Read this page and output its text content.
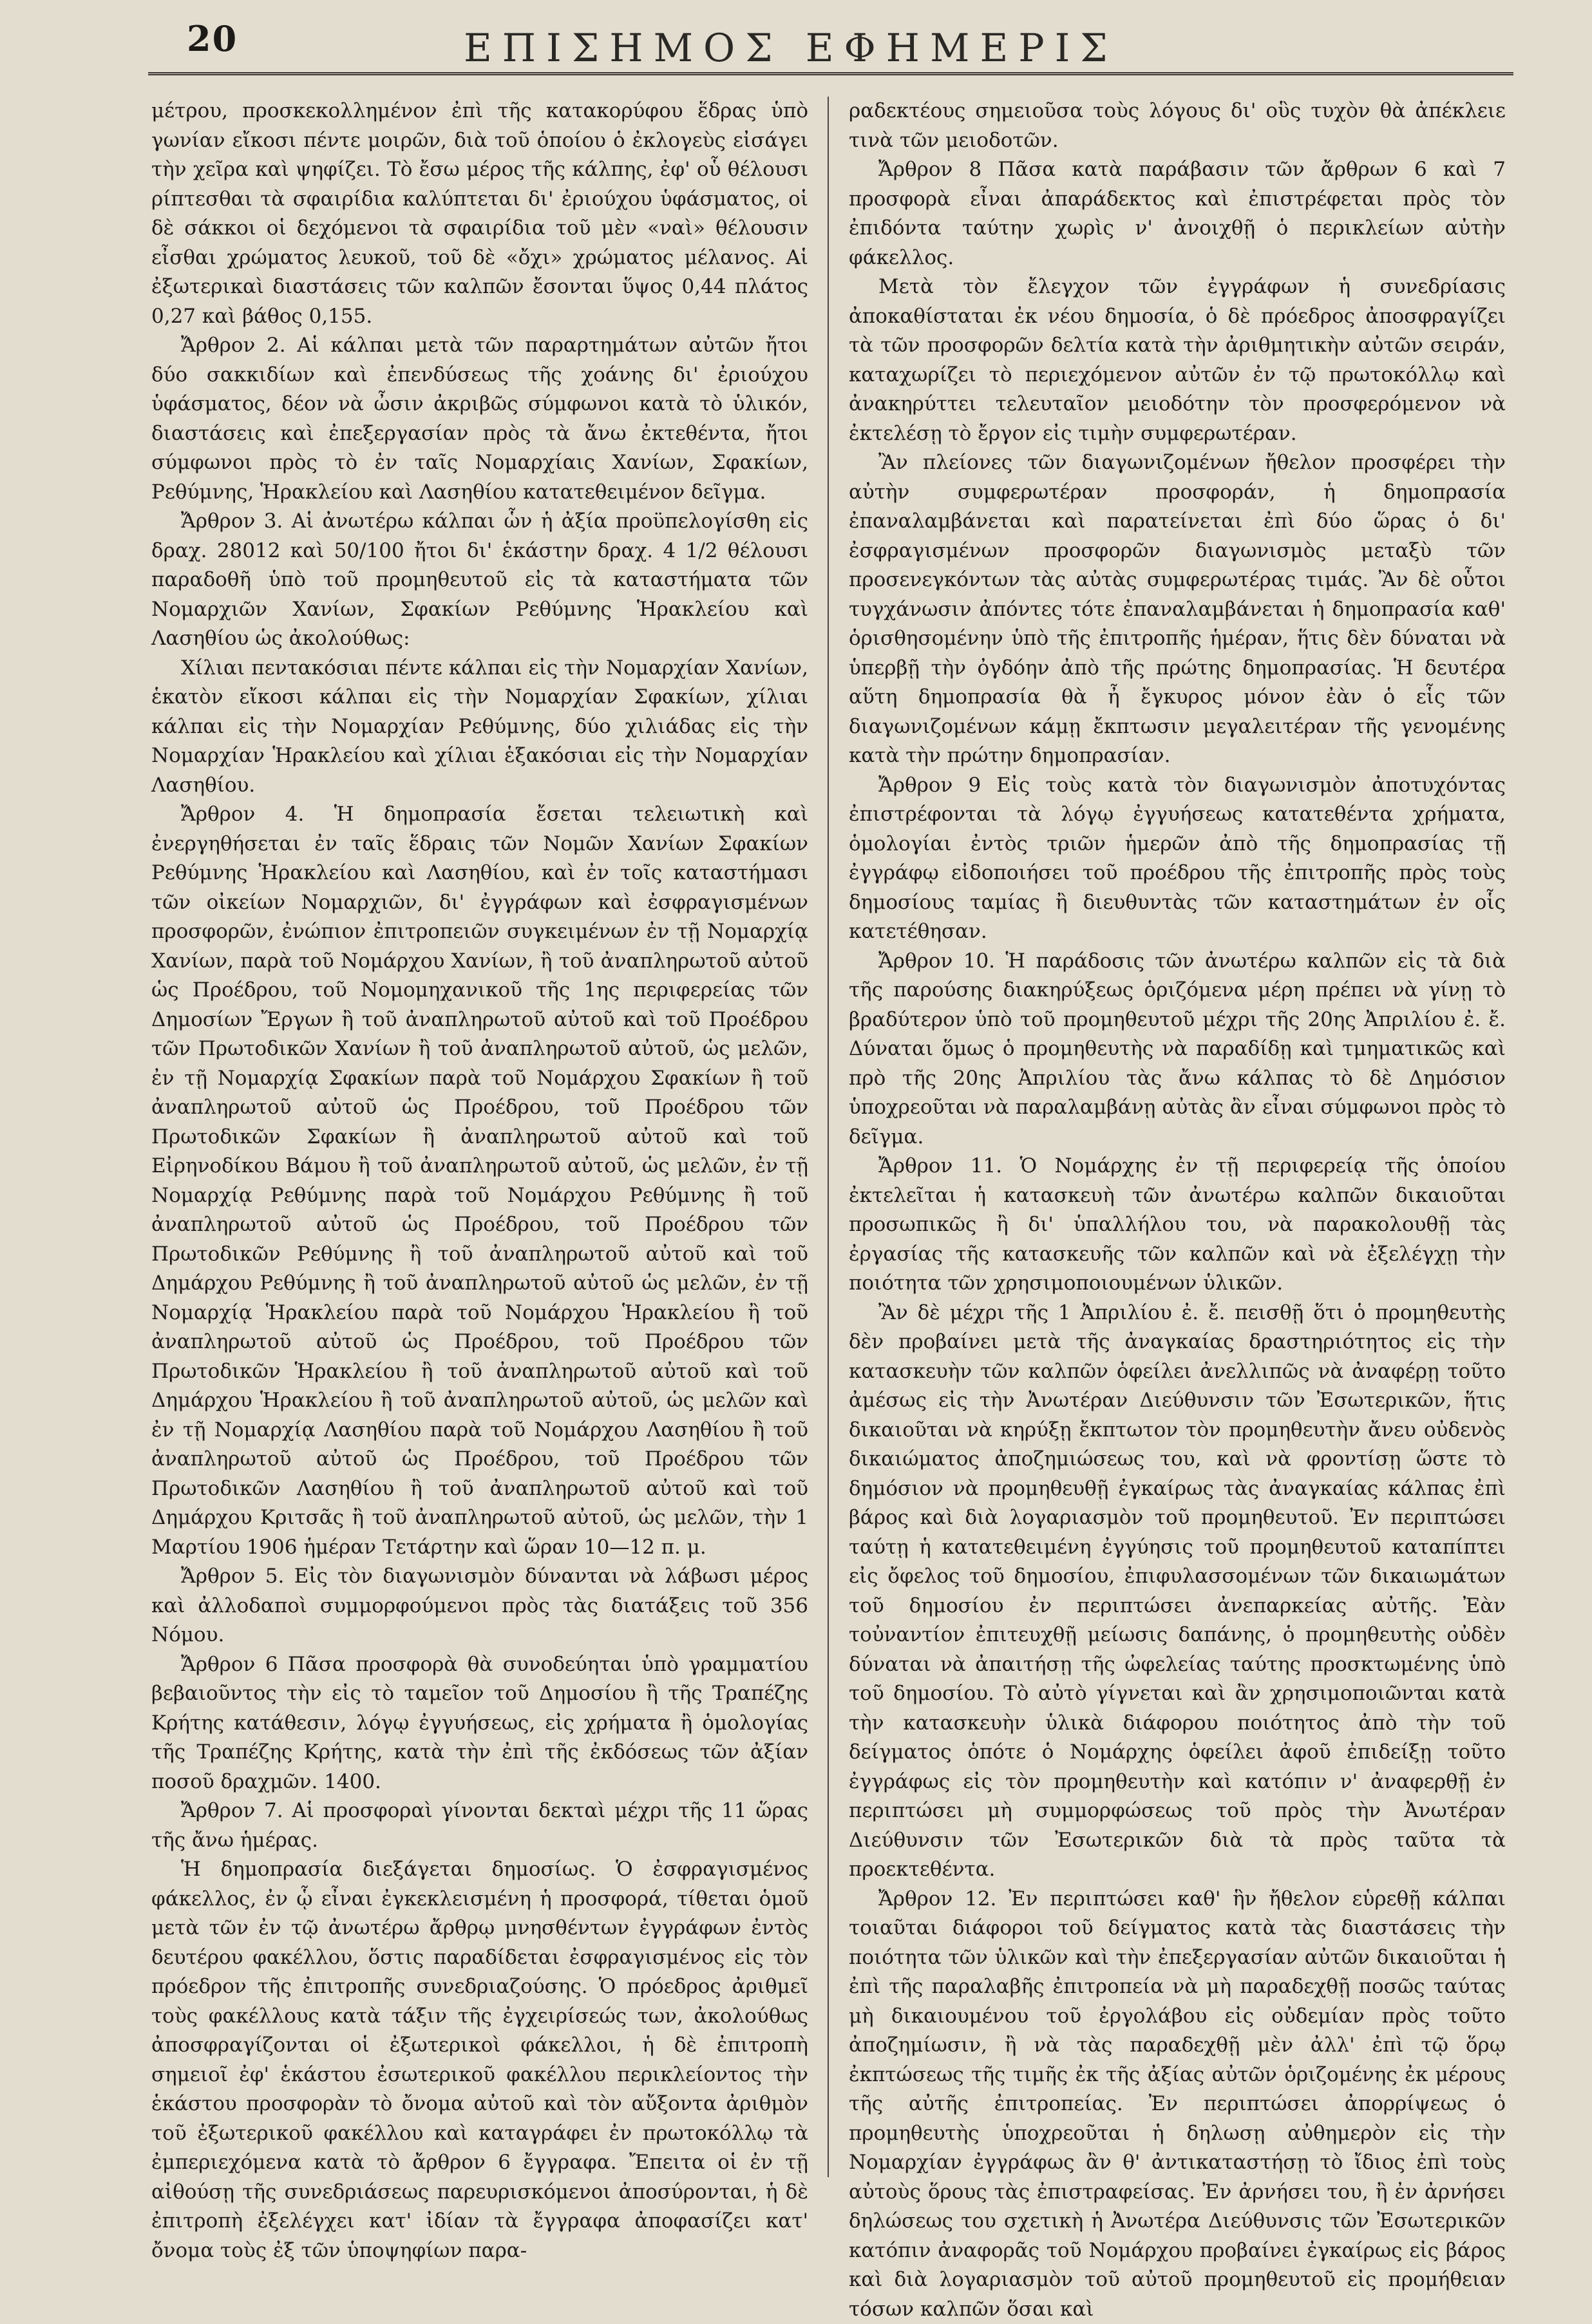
20	ΕΠΙΣΗΜΟΣ ΕΦΗΜΕΡΙΣ

μέτρου, προσκεκολλημένον ἐπὶ τῆς κατακορύφου ἕδρας ὑπὸ γωνίαν εἴκοσι πέντε μοιρῶν, διὰ τοῦ ὁποίου ὁ ἐκλογεὺς εἰσάγει τὴν χεῖρα καὶ ψηφίζει. Τὸ ἔσω μέρος τῆς κάλπης, ἐφ' οὗ θέλουσι ρίπτεσθαι τὰ σφαιρίδια καλύπτεται δι' ἐριούχου ὑφάσματος, οἱ δὲ σάκκοι οἱ δεχόμενοι τὰ σφαιρίδια τοῦ μὲν «ναὶ» θέλουσιν εἶσθαι χρώματος λευκοῦ, τοῦ δὲ «ὄχι» χρώματος μέλανος. Αἱ ἐξωτερικαὶ διαστάσεις τῶν καλπῶν ἔσονται ὕψος 0,44 πλάτος 0,27 καὶ βάθος 0,155.

Ἄρθρον 2. Αἱ κάλπαι μετὰ τῶν παραρτημάτων αὐτῶν ἤτοι δύο σακκιδίων καὶ ἐπενδύσεως τῆς χοάνης δι' ἐριούχου ὑφάσματος, δέον νὰ ὦσιν ἀκριβῶς σύμφωνοι κατὰ τὸ ὑλικόν, διαστάσεις καὶ ἐπεξεργασίαν πρὸς τὰ ἄνω ἐκτεθέντα, ἤτοι σύμφωνοι πρὸς τὸ ἐν ταῖς Νομαρχίαις Χανίων, Σφακίων, Ρεθύμνης, Ἡρακλείου καὶ Λασηθίου κατατεθειμένον δεῖγμα.

Ἄρθρον 3. Αἱ ἀνωτέρω κάλπαι ὧν ἡ ἀξία προϋπελογίσθη εἰς δραχ. 28012 καὶ 50/100 ἤτοι δι' ἑκάστην δραχ. 4 1/2 θέλουσι παραδοθῆ ὑπὸ τοῦ προμηθευτοῦ εἰς τὰ καταστήματα τῶν Νομαρχιῶν Χανίων, Σφακίων Ρεθύμνης Ἡρακλείου καὶ Λασηθίου ὡς ἀκολούθως:

Χίλιαι πεντακόσιαι πέντε κάλπαι εἰς τὴν Νομαρχίαν Χανίων, ἑκατὸν εἴκοσι κάλπαι εἰς τὴν Νομαρχίαν Σφακίων, χίλιαι κάλπαι εἰς τὴν Νομαρχίαν Ρεθύμνης, δύο χιλιάδας εἰς τὴν Νομαρχίαν Ἡρακλείου καὶ χίλιαι ἑξακόσιαι εἰς τὴν Νομαρχίαν Λασηθίου.

Ἄρθρον 4. Ἡ δημοπρασία ἔσεται τελειωτικὴ καὶ ἐνεργηθήσεται ἐν ταῖς ἕδραις τῶν Νομῶν Χανίων Σφακίων Ρεθύμνης Ἡρακλείου καὶ Λασηθίου, καὶ ἐν τοῖς καταστήμασι τῶν οἰκείων Νομαρχιῶν, δι' ἐγγράφων καὶ ἐσφραγισμένων προσφορῶν, ἐνώπιον ἐπιτροπειῶν συγκειμένων ἐν τῇ Νομαρχίᾳ Χανίων, παρὰ τοῦ Νομάρχου Χανίων, ἢ τοῦ ἀναπληρωτοῦ αὐτοῦ ὡς Προέδρου, τοῦ Νομομηχανικοῦ τῆς 1ης περιφερείας τῶν Δημοσίων Ἔργων ἢ τοῦ ἀναπληρωτοῦ αὐτοῦ καὶ τοῦ Προέδρου τῶν Πρωτοδικῶν Χανίων ἢ τοῦ ἀναπληρωτοῦ αὐτοῦ, ὡς μελῶν, ἐν τῇ Νομαρχίᾳ Σφακίων παρὰ τοῦ Νομάρχου Σφακίων ἢ τοῦ ἀναπληρωτοῦ αὐτοῦ ὡς Προέδρου, τοῦ Προέδρου τῶν Πρωτοδικῶν Σφακίων ἢ ἀναπληρωτοῦ αὐτοῦ καὶ τοῦ Εἰρηνοδίκου Βάμου ἢ τοῦ ἀναπληρωτοῦ αὐτοῦ, ὡς μελῶν, ἐν τῇ Νομαρχίᾳ Ρεθύμνης παρὰ τοῦ Νομάρχου Ρεθύμνης ἢ τοῦ ἀναπληρωτοῦ αὐτοῦ ὡς Προέδρου, τοῦ Προέδρου τῶν Πρωτοδικῶν Ρεθύμνης ἢ τοῦ ἀναπληρωτοῦ αὐτοῦ καὶ τοῦ Δημάρχου Ρεθύμνης ἢ τοῦ ἀναπληρωτοῦ αὐτοῦ ὡς μελῶν, ἐν τῇ Νομαρχίᾳ Ἡρακλείου παρὰ τοῦ Νομάρχου Ἡρακλείου ἢ τοῦ ἀναπληρωτοῦ αὐτοῦ ὡς Προέδρου, τοῦ Προέδρου τῶν Πρωτοδικῶν Ἡρακλείου ἢ τοῦ ἀναπληρωτοῦ αὐτοῦ καὶ τοῦ Δημάρχου Ἡρακλείου ἢ τοῦ ἀναπληρωτοῦ αὐτοῦ, ὡς μελῶν καὶ ἐν τῇ Νομαρχίᾳ Λασηθίου παρὰ τοῦ Νομάρχου Λασηθίου ἢ τοῦ ἀναπληρωτοῦ αὐτοῦ ὡς Προέδρου, τοῦ Προέδρου τῶν Πρωτοδικῶν Λασηθίου ἢ τοῦ ἀναπληρωτοῦ αὐτοῦ καὶ τοῦ Δημάρχου Κριτσᾶς ἢ τοῦ ἀναπληρωτοῦ αὐτοῦ, ὡς μελῶν, τὴν 1 Μαρτίου 1906 ἡμέραν Τετάρτην καὶ ὥραν 10—12 π. μ.

Ἄρθρον 5. Εἰς τὸν διαγωνισμὸν δύνανται νὰ λάβωσι μέρος καὶ ἀλλοδαποὶ συμμορφούμενοι πρὸς τὰς διατάξεις τοῦ 356 Νόμου.

Ἄρθρον 6 Πᾶσα προσφορὰ θὰ συνοδεύηται ὑπὸ γραμματίου βεβαιοῦντος τὴν εἰς τὸ ταμεῖον τοῦ Δημοσίου ἢ τῆς Τραπέζης Κρήτης κατάθεσιν, λόγῳ ἐγγυήσεως, εἰς χρήματα ἢ ὁμολογίας τῆς Τραπέζης Κρήτης, κατὰ τὴν ἐπὶ τῆς ἐκδόσεως τῶν ἀξίαν ποσοῦ δραχμῶν. 1400.

Ἄρθρον 7. Αἱ προσφοραὶ γίνονται δεκταὶ μέχρι τῆς 11 ὥρας τῆς ἄνω ἡμέρας.

Ἡ δημοπρασία διεξάγεται δημοσίως. Ὁ ἐσφραγισμένος φάκελλος, ἐν ᾧ εἶναι ἐγκεκλεισμένη ἡ προσφορά, τίθεται ὁμοῦ μετὰ τῶν ἐν τῷ ἀνωτέρω ἄρθρῳ μνησθέντων ἐγγράφων ἐντὸς δευτέρου φακέλλου, ὅστις παραδίδεται ἐσφραγισμένος εἰς τὸν πρόεδρον τῆς ἐπιτροπῆς συνεδριαζούσης. Ὁ πρόεδρος ἀριθμεῖ τοὺς φακέλλους κατὰ τάξιν τῆς ἐγχειρίσεώς των, ἀκολούθως ἀποσφραγίζονται οἱ ἐξωτερικοὶ φάκελλοι, ἡ δὲ ἐπιτροπὴ σημειοῖ ἐφ' ἑκάστου ἐσωτερικοῦ φακέλλου περικλείοντος τὴν ἑκάστου προσφορὰν τὸ ὄνομα αὐτοῦ καὶ τὸν αὔξοντα ἀριθμὸν τοῦ ἐξωτερικοῦ φακέλλου καὶ καταγράφει ἐν πρωτοκόλλῳ τὰ ἐμπεριεχόμενα κατὰ τὸ ἄρθρον 6 ἔγγραφα. Ἔπειτα οἱ ἐν τῇ αἰθούσῃ τῆς συνεδριάσεως παρευρισκόμενοι ἀποσύρονται, ἡ δὲ ἐπιτροπὴ ἐξελέγχει κατ' ἰδίαν τὰ ἔγγραφα ἀποφασίζει κατ' ὄνομα τοὺς ἐξ τῶν ὑποψηφίων παρα-

ραδεκτέους σημειοῦσα τοὺς λόγους δι' οὓς τυχὸν θὰ ἀπέκλειε τινὰ τῶν μειοδοτῶν.

Ἄρθρον 8 Πᾶσα κατὰ παράβασιν τῶν ἄρθρων 6 καὶ 7 προσφορὰ εἶναι ἀπαράδεκτος καὶ ἐπιστρέφεται πρὸς τὸν ἐπιδόντα ταύτην χωρὶς ν' ἀνοιχθῇ ὁ περικλείων αὐτὴν φάκελλος.

Μετὰ τὸν ἔλεγχον τῶν ἐγγράφων ἡ συνεδρίασις ἀποκαθίσταται ἐκ νέου δημοσία, ὁ δὲ πρόεδρος ἀποσφραγίζει τὰ τῶν προσφορῶν δελτία κατὰ τὴν ἀριθμητικὴν αὐτῶν σειράν, καταχωρίζει τὸ περιεχόμενον αὐτῶν ἐν τῷ πρωτοκόλλῳ καὶ ἀνακηρύττει τελευταῖον μειοδότην τὸν προσφερόμενον νὰ ἐκτελέσῃ τὸ ἔργον εἰς τιμὴν συμφερωτέραν.

Ἂν πλείονες τῶν διαγωνιζομένων ἤθελον προσφέρει τὴν αὐτὴν συμφερωτέραν προσφοράν, ἡ δημοπρασία ἐπαναλαμβάνεται καὶ παρατείνεται ἐπὶ δύο ὥρας ὁ δι' ἐσφραγισμένων προσφορῶν διαγωνισμὸς μεταξὺ τῶν προσενεγκόντων τὰς αὐτὰς συμφερωτέρας τιμάς. Ἂν δὲ οὗτοι τυγχάνωσιν ἀπόντες τότε ἐπαναλαμβάνεται ἡ δημοπρασία καθ' ὁρισθησομένην ὑπὸ τῆς ἐπιτροπῆς ἡμέραν, ἥτις δὲν δύναται νὰ ὑπερβῇ τὴν ὀγδόην ἀπὸ τῆς πρώτης δημοπρασίας. Ἡ δευτέρα αὕτη δημοπρασία θὰ ἦ ἔγκυρος μόνον ἐὰν ὁ εἷς τῶν διαγωνιζομένων κάμῃ ἔκπτωσιν μεγαλειτέραν τῆς γενομένης κατὰ τὴν πρώτην δημοπρασίαν.

Ἄρθρον 9 Εἰς τοὺς κατὰ τὸν διαγωνισμὸν ἀποτυχόντας ἐπιστρέφονται τὰ λόγῳ ἐγγυήσεως κατατεθέντα χρήματα, ὁμολογίαι ἐντὸς τριῶν ἡμερῶν ἀπὸ τῆς δημοπρασίας τῇ ἐγγράφῳ εἰδοποιήσει τοῦ προέδρου τῆς ἐπιτροπῆς πρὸς τοὺς δημοσίους ταμίας ἢ διευθυντὰς τῶν καταστημάτων ἐν οἷς κατετέθησαν.

Ἄρθρον 10. Ἡ παράδοσις τῶν ἀνωτέρω καλπῶν εἰς τὰ διὰ τῆς παρούσης διακηρύξεως ὁριζόμενα μέρη πρέπει νὰ γίνῃ τὸ βραδύτερον ὑπὸ τοῦ προμηθευτοῦ μέχρι τῆς 20ης Ἀπριλίου ἐ. ἔ. Δύναται ὅμως ὁ προμηθευτὴς νὰ παραδίδῃ καὶ τμηματικῶς καὶ πρὸ τῆς 20ης Ἀπριλίου τὰς ἄνω κάλπας τὸ δὲ Δημόσιον ὑποχρεοῦται νὰ παραλαμβάνῃ αὐτὰς ἂν εἶναι σύμφωνοι πρὸς τὸ δεῖγμα.

Ἄρθρον 11. Ὁ Νομάρχης ἐν τῇ περιφερείᾳ τῆς ὁποίου ἐκτελεῖται ἡ κατασκευὴ τῶν ἀνωτέρω καλπῶν δικαιοῦται προσωπικῶς ἢ δι' ὑπαλλήλου του, νὰ παρακολουθῇ τὰς ἐργασίας τῆς κατασκευῆς τῶν καλπῶν καὶ νὰ ἐξελέγχῃ τὴν ποιότητα τῶν χρησιμοποιουμένων ὑλικῶν.

Ἂν δὲ μέχρι τῆς 1 Ἀπριλίου ἐ. ἔ. πεισθῇ ὅτι ὁ προμηθευτὴς δὲν προβαίνει μετὰ τῆς ἀναγκαίας δραστηριότητος εἰς τὴν κατασκευὴν τῶν καλπῶν ὁφείλει ἀνελλιπῶς νὰ ἀναφέρῃ τοῦτο ἀμέσως εἰς τὴν Ἀνωτέραν Διεύθυνσιν τῶν Ἐσωτερικῶν, ἥτις δικαιοῦται νὰ κηρύξῃ ἔκπτωτον τὸν προμηθευτὴν ἄνευ οὐδενὸς δικαιώματος ἀποζημιώσεως του, καὶ νὰ φροντίσῃ ὥστε τὸ δημόσιον νὰ προμηθευθῇ ἐγκαίρως τὰς ἀναγκαίας κάλπας ἐπὶ βάρος καὶ διὰ λογαριασμὸν τοῦ προμηθευτοῦ. Ἐν περιπτώσει ταύτῃ ἡ κατατεθειμένη ἐγγύησις τοῦ προμηθευτοῦ καταπίπτει εἰς ὄφελος τοῦ δημοσίου, ἐπιφυλασσομένων τῶν δικαιωμάτων τοῦ δημοσίου ἐν περιπτώσει ἀνεπαρκείας αὐτῆς. Ἐὰν τοὐναντίον ἐπιτευχθῇ μείωσις δαπάνης, ὁ προμηθευτὴς οὐδὲν δύναται νὰ ἀπαιτήσῃ τῆς ὠφελείας ταύτης προσκτωμένης ὑπὸ τοῦ δημοσίου. Τὸ αὐτὸ γίγνεται καὶ ἂν χρησιμοποιῶνται κατὰ τὴν κατασκευὴν ὑλικὰ διάφορου ποιότητος ἀπὸ τὴν τοῦ δείγματος ὁπότε ὁ Νομάρχης ὁφείλει ἀφοῦ ἐπιδείξῃ τοῦτο ἐγγράφως εἰς τὸν προμηθευτὴν καὶ κατόπιν ν' ἀναφερθῇ ἐν περιπτώσει μὴ συμμορφώσεως τοῦ πρὸς τὴν Ἀνωτέραν Διεύθυνσιν τῶν Ἐσωτερικῶν διὰ τὰ πρὸς ταῦτα τὰ προεκτεθέντα.

Ἄρθρον 12. Ἐν περιπτώσει καθ' ἣν ἤθελον εὑρεθῇ κάλπαι τοιαῦται διάφοροι τοῦ δείγματος κατὰ τὰς διαστάσεις τὴν ποιότητα τῶν ὑλικῶν καὶ τὴν ἐπεξεργασίαν αὐτῶν δικαιοῦται ἡ ἐπὶ τῆς παραλαβῆς ἐπιτροπεία νὰ μὴ παραδεχθῇ ποσῶς ταύτας μὴ δικαιουμένου τοῦ ἐργολάβου εἰς οὐδεμίαν πρὸς τοῦτο ἀποζημίωσιν, ἢ νὰ τὰς παραδεχθῇ μὲν ἀλλ' ἐπὶ τῷ ὅρῳ ἐκπτώσεως τῆς τιμῆς ἐκ τῆς ἀξίας αὐτῶν ὁριζομένης ἐκ μέρους τῆς αὐτῆς ἐπιτροπείας. Ἐν περιπτώσει ἀπορρίψεως ὁ προμηθευτὴς ὑποχρεοῦται ἡ δηλωσῃ αὐθημερὸν εἰς τὴν Νομαρχίαν ἐγγράφως ἂν θ' ἀντικαταστήσῃ τὸ ἴδιος ἐπὶ τοὺς αὐτοὺς ὅρους τὰς ἐπιστραφείσας. Ἐν ἀρνήσει του, ἢ ἐν ἀρνήσει δηλώσεως του σχετικὴ ἡ Ἀνωτέρα Διεύθυνσις τῶν Ἐσωτερικῶν κατόπιν ἀναφορᾶς τοῦ Νομάρχου προβαίνει ἐγκαίρως εἰς βάρος καὶ διὰ λογαριασμὸν τοῦ αὐτοῦ προμηθευτοῦ εἰς προμήθειαν τόσων καλπῶν ὅσαι καὶ
